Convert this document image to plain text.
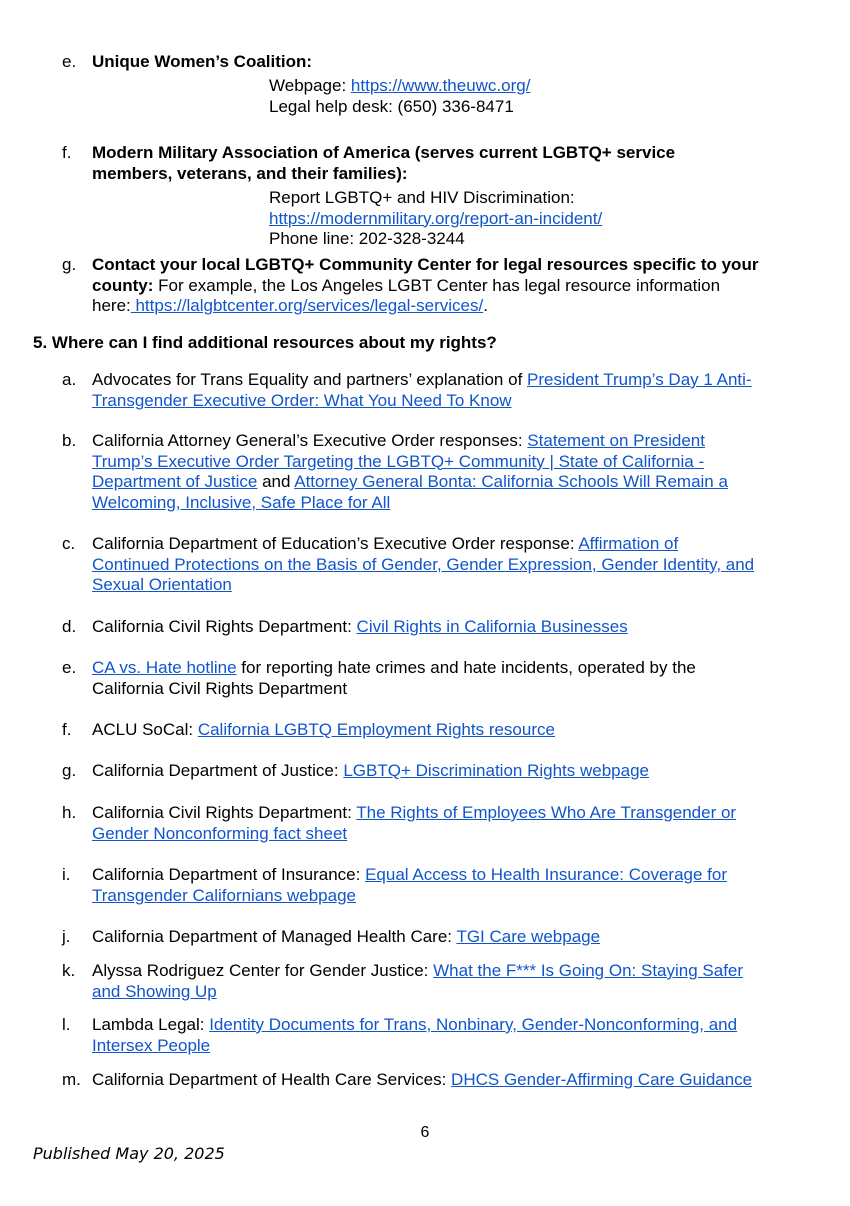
e. Unique Women’s Coalition:
Webpage: https://www.theuwc.org/
Legal help desk: (650) 336-8471
f. Modern Military Association of America (serves current LGBTQ+ service
members, veterans, and their families):
Report LGBTQ+ and HIV Discrimination:
https://modernmilitary.org/report-an-incident/
Phone line: 202-328-3244
g. Contact your local LGBTQ+ Community Center for legal resources specific to your
county: For example, the Los Angeles LGBT Center has legal resource information
here: https://lalgbtcenter.org/services/legal-services/.
5. Where can I find additional resources about my rights?
a. Advocates for Trans Equality and partners’ explanation of President Trump’s Day 1 Anti-
Transgender Executive Order: What You Need To Know
b. California Attorney General’s Executive Order responses: Statement on President
Trump’s Executive Order Targeting the LGBTQ+ Community | State of California -
Department of Justice and Attorney General Bonta: California Schools Will Remain a
Welcoming, Inclusive, Safe Place for All
c. California Department of Education’s Executive Order response: Affirmation of
Continued Protections on the Basis of Gender, Gender Expression, Gender Identity, and
Sexual Orientation
d. California Civil Rights Department: Civil Rights in California Businesses
e. CA vs. Hate hotline for reporting hate crimes and hate incidents, operated by the
California Civil Rights Department
f. ACLU SoCal: California LGBTQ Employment Rights resource
g. California Department of Justice: LGBTQ+ Discrimination Rights webpage
h. California Civil Rights Department: The Rights of Employees Who Are Transgender or
Gender Nonconforming fact sheet
i. California Department of Insurance: Equal Access to Health Insurance: Coverage for
Transgender Californians webpage
j. California Department of Managed Health Care: TGI Care webpage
k. Alyssa Rodriguez Center for Gender Justice: What the F*** Is Going On: Staying Safer
and Showing Up
l. Lambda Legal: Identity Documents for Trans, Nonbinary, Gender-Nonconforming, and
Intersex People
m. California Department of Health Care Services: DHCS Gender-Affirming Care Guidance
6
Published May 20, 2025
